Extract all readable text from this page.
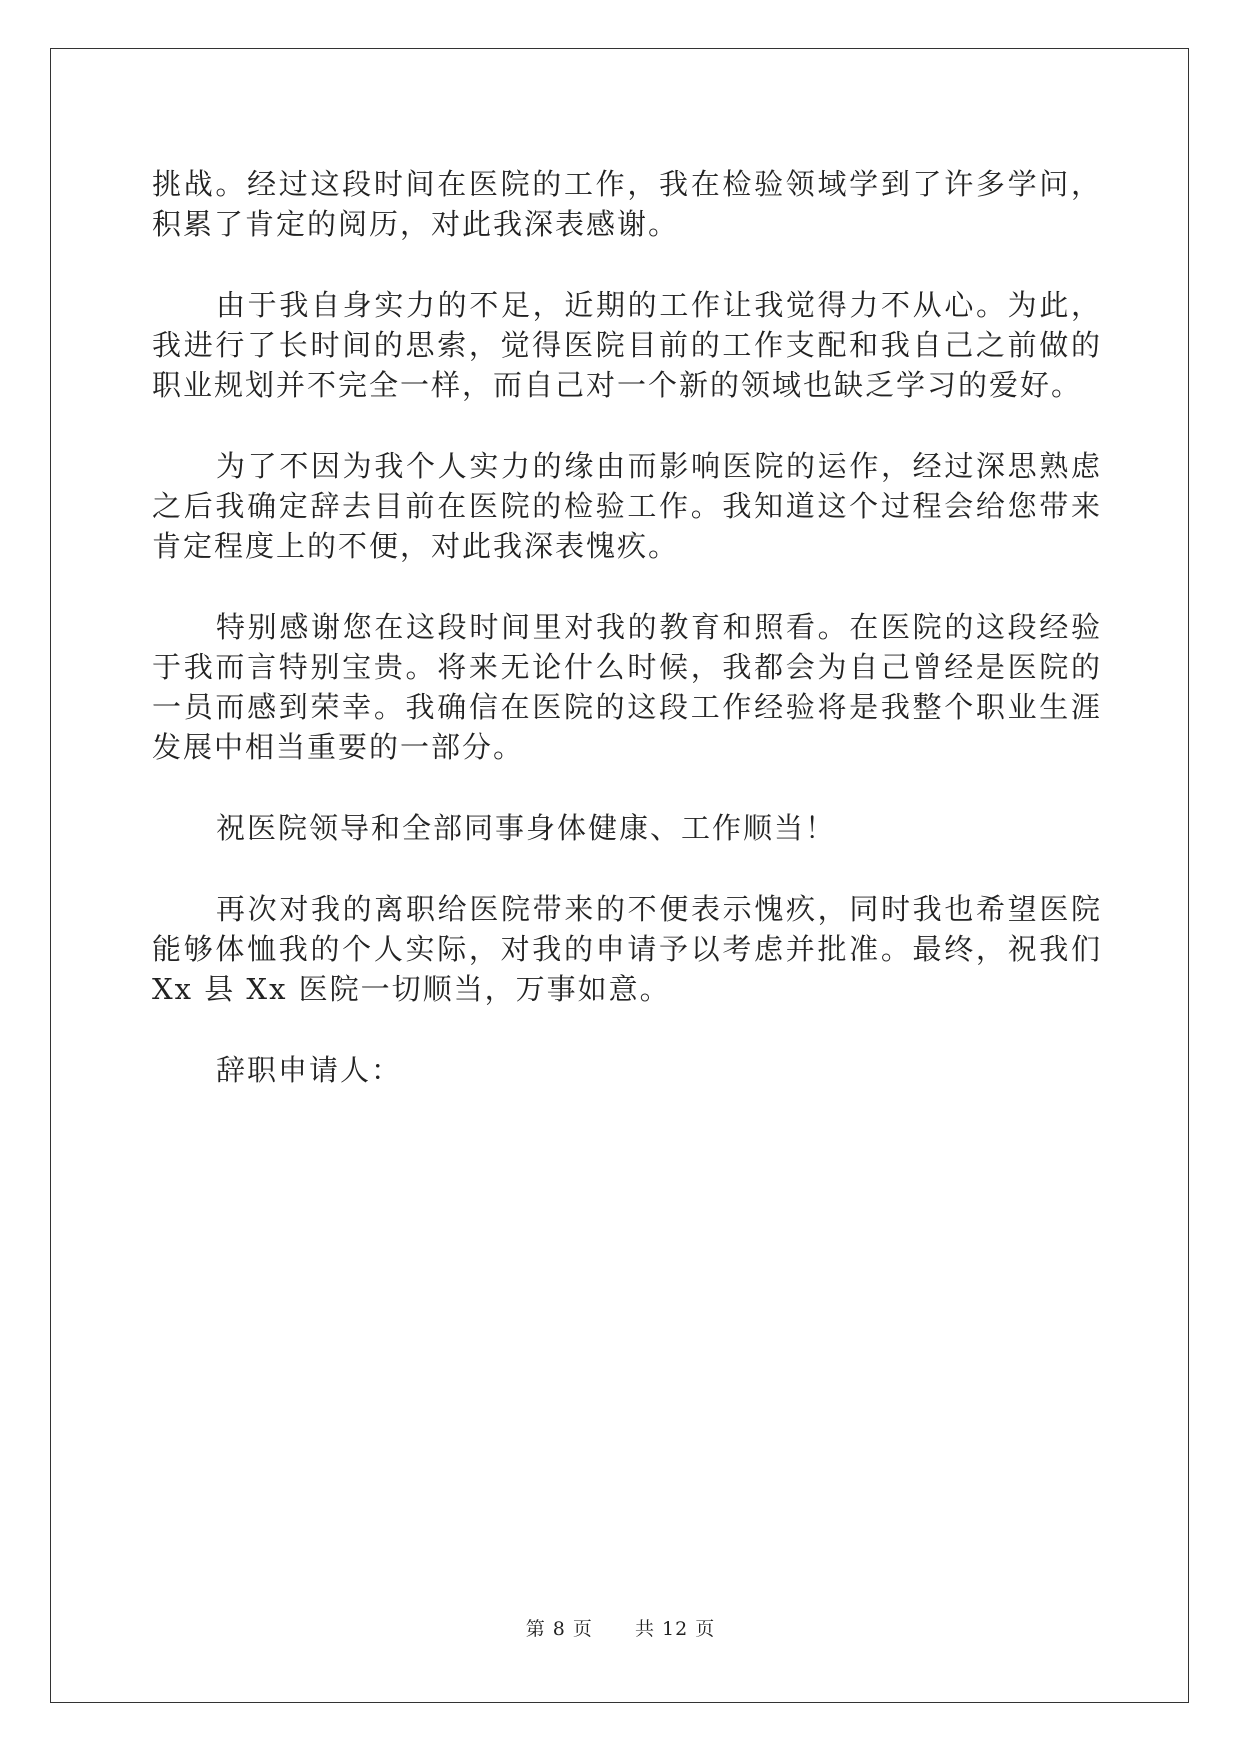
挑战。经过这段时间在医院的工作，我在检验领域学到了许多学问，积累了肯定的阅历，对此我深表感谢。

由于我自身实力的不足，近期的工作让我觉得力不从心。为此，我进行了长时间的思索，觉得医院目前的工作支配和我自己之前做的职业规划并不完全一样，而自己对一个新的领域也缺乏学习的爱好。

为了不因为我个人实力的缘由而影响医院的运作，经过深思熟虑之后我确定辞去目前在医院的检验工作。我知道这个过程会给您带来肯定程度上的不便，对此我深表愧疚。

特别感谢您在这段时间里对我的教育和照看。在医院的这段经验于我而言特别宝贵。将来无论什么时候，我都会为自己曾经是医院的一员而感到荣幸。我确信在医院的这段工作经验将是我整个职业生涯发展中相当重要的一部分。

祝医院领导和全部同事身体健康、工作顺当！

再次对我的离职给医院带来的不便表示愧疚，同时我也希望医院能够体恤我的个人实际，对我的申请予以考虑并批准。最终，祝我们 Xx 县 Xx 医院一切顺当，万事如意。

辞职申请人：

第 8 页 共 12 页
